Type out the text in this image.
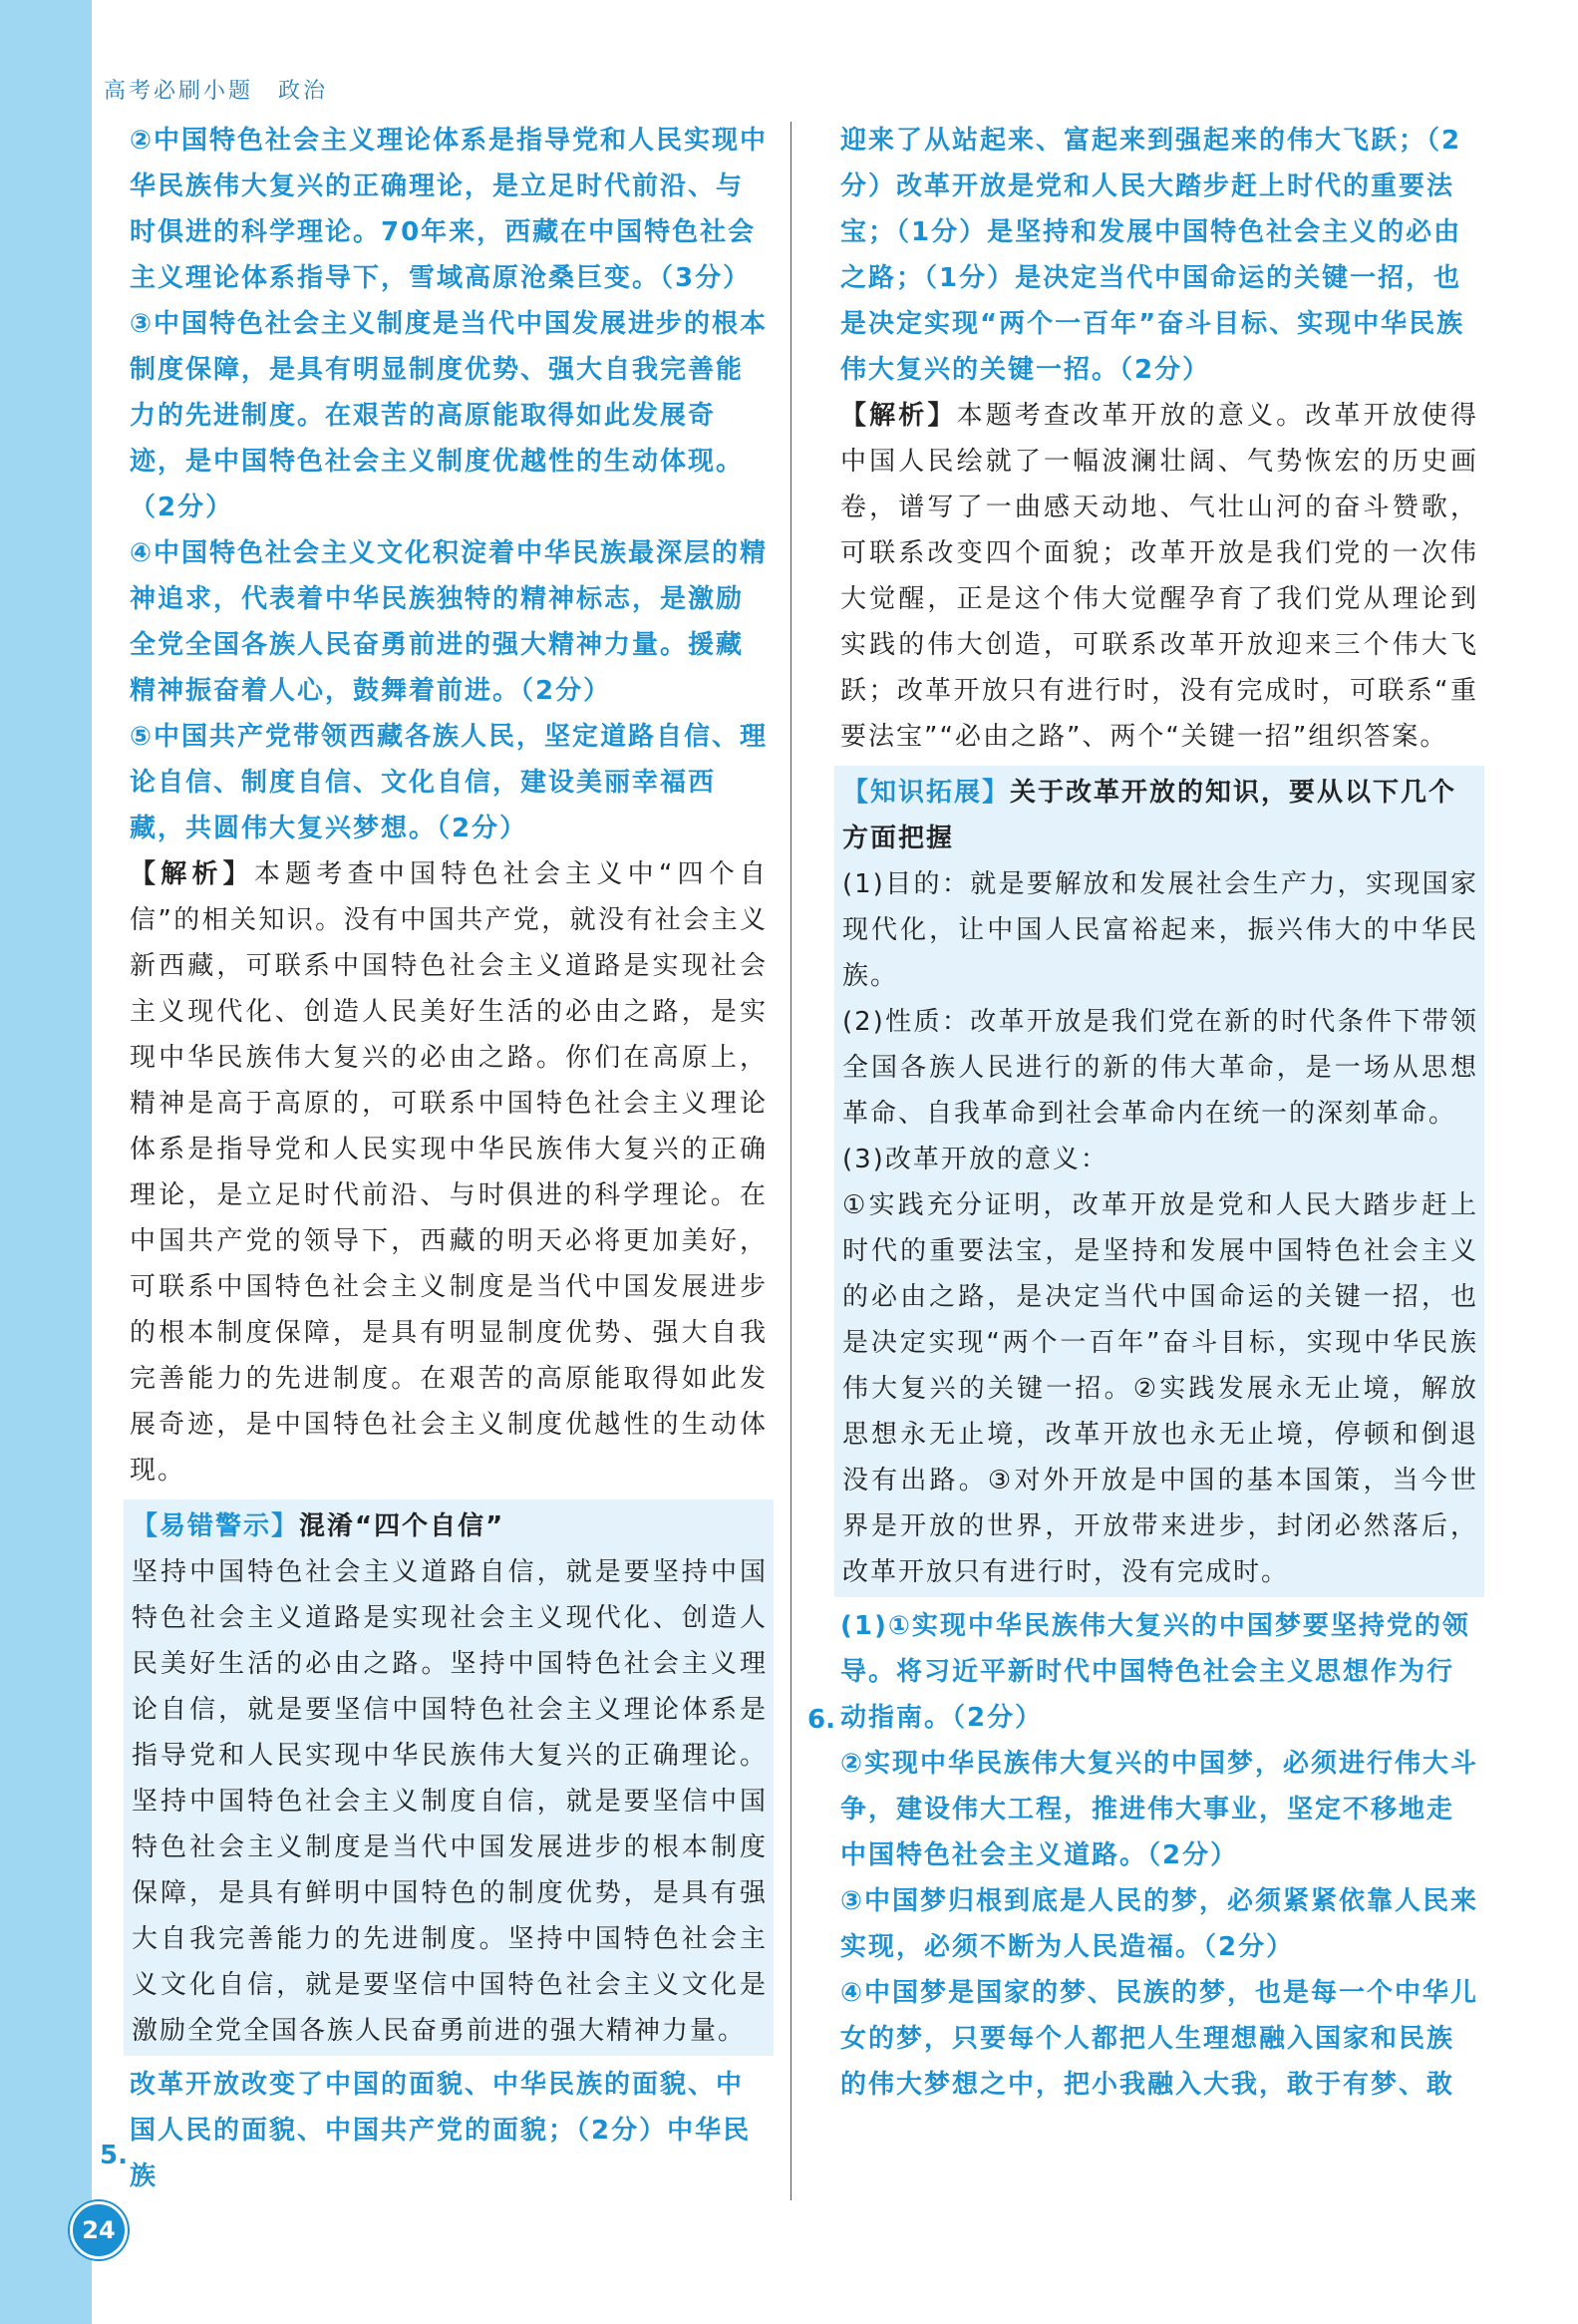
高考必刷小题　政治

②中国特色社会主义理论体系是指导党和人民实现中华民族伟大复兴的正确理论，是立足时代前沿、与时俱进的科学理论。70年来，西藏在中国特色社会主义理论体系指导下，雪域高原沧桑巨变。（3分）

③中国特色社会主义制度是当代中国发展进步的根本制度保障，是具有明显制度优势、强大自我完善能力的先进制度。在艰苦的高原能取得如此发展奇迹，是中国特色社会主义制度优越性的生动体现。（2分）

④中国特色社会主义文化积淀着中华民族最深层的精神追求，代表着中华民族独特的精神标志，是激励全党全国各族人民奋勇前进的强大精神力量。援藏精神振奋着人心，鼓舞着前进。（2分）

⑤中国共产党带领西藏各族人民，坚定道路自信、理论自信、制度自信、文化自信，建设美丽幸福西藏，共圆伟大复兴梦想。（2分）

【解析】本题考查中国特色社会主义中“四个自信”的相关知识。没有中国共产党，就没有社会主义新西藏，可联系中国特色社会主义道路是实现社会主义现代化、创造人民美好生活的必由之路，是实现中华民族伟大复兴的必由之路。你们在高原上，精神是高于高原的，可联系中国特色社会主义理论体系是指导党和人民实现中华民族伟大复兴的正确理论，是立足时代前沿、与时俱进的科学理论。在中国共产党的领导下，西藏的明天必将更加美好，可联系中国特色社会主义制度是当代中国发展进步的根本制度保障，是具有明显制度优势、强大自我完善能力的先进制度。在艰苦的高原能取得如此发展奇迹，是中国特色社会主义制度优越性的生动体现。

【易错警示】混淆“四个自信”

坚持中国特色社会主义道路自信，就是要坚持中国特色社会主义道路是实现社会主义现代化、创造人民美好生活的必由之路。坚持中国特色社会主义理论自信，就是要坚信中国特色社会主义理论体系是指导党和人民实现中华民族伟大复兴的正确理论。坚持中国特色社会主义制度自信，就是要坚信中国特色社会主义制度是当代中国发展进步的根本制度保障，是具有鲜明中国特色的制度优势，是具有强大自我完善能力的先进制度。坚持中国特色社会主义文化自信，就是要坚信中国特色社会主义文化是激励全党全国各族人民奋勇前进的强大精神力量。

改革开放改变了中国的面貌、中华民族的面貌、中国人民的面貌、中国共产党的面貌；（2分）中华民族

5.

迎来了从站起来、富起来到强起来的伟大飞跃；（2分）改革开放是党和人民大踏步赶上时代的重要法宝；（1分）是坚持和发展中国特色社会主义的必由之路；（1分）是决定当代中国命运的关键一招，也是决定实现“两个一百年”奋斗目标、实现中华民族伟大复兴的关键一招。（2分）

【解析】本题考查改革开放的意义。改革开放使得中国人民绘就了一幅波澜壮阔、气势恢宏的历史画卷，谱写了一曲感天动地、气壮山河的奋斗赞歌，可联系改变四个面貌；改革开放是我们党的一次伟大觉醒，正是这个伟大觉醒孕育了我们党从理论到实践的伟大创造，可联系改革开放迎来三个伟大飞跃；改革开放只有进行时，没有完成时，可联系“重要法宝”“必由之路”、两个“关键一招”组织答案。

【知识拓展】关于改革开放的知识，要从以下几个方面把握

(1)目的：就是要解放和发展社会生产力，实现国家现代化，让中国人民富裕起来，振兴伟大的中华民族。

(2)性质：改革开放是我们党在新的时代条件下带领全国各族人民进行的新的伟大革命，是一场从思想革命、自我革命到社会革命内在统一的深刻革命。

(3)改革开放的意义：

①实践充分证明，改革开放是党和人民大踏步赶上时代的重要法宝，是坚持和发展中国特色社会主义的必由之路，是决定当代中国命运的关键一招，也是决定实现“两个一百年”奋斗目标，实现中华民族伟大复兴的关键一招。②实践发展永无止境，解放思想永无止境，改革开放也永无止境，停顿和倒退没有出路。③对外开放是中国的基本国策，当今世界是开放的世界，开放带来进步，封闭必然落后，改革开放只有进行时，没有完成时。

(1)①实现中华民族伟大复兴的中国梦要坚持党的领导。将习近平新时代中国特色社会主义思想作为行动指南。（2分）

②实现中华民族伟大复兴的中国梦，必须进行伟大斗争，建设伟大工程，推进伟大事业，坚定不移地走中国特色社会主义道路。（2分）

③中国梦归根到底是人民的梦，必须紧紧依靠人民来实现，必须不断为人民造福。（2分）

④中国梦是国家的梦、民族的梦，也是每一个中华儿女的梦，只要每个人都把人生理想融入国家和民族的伟大梦想之中，把小我融入大我，敢于有梦、敢

6.
24
